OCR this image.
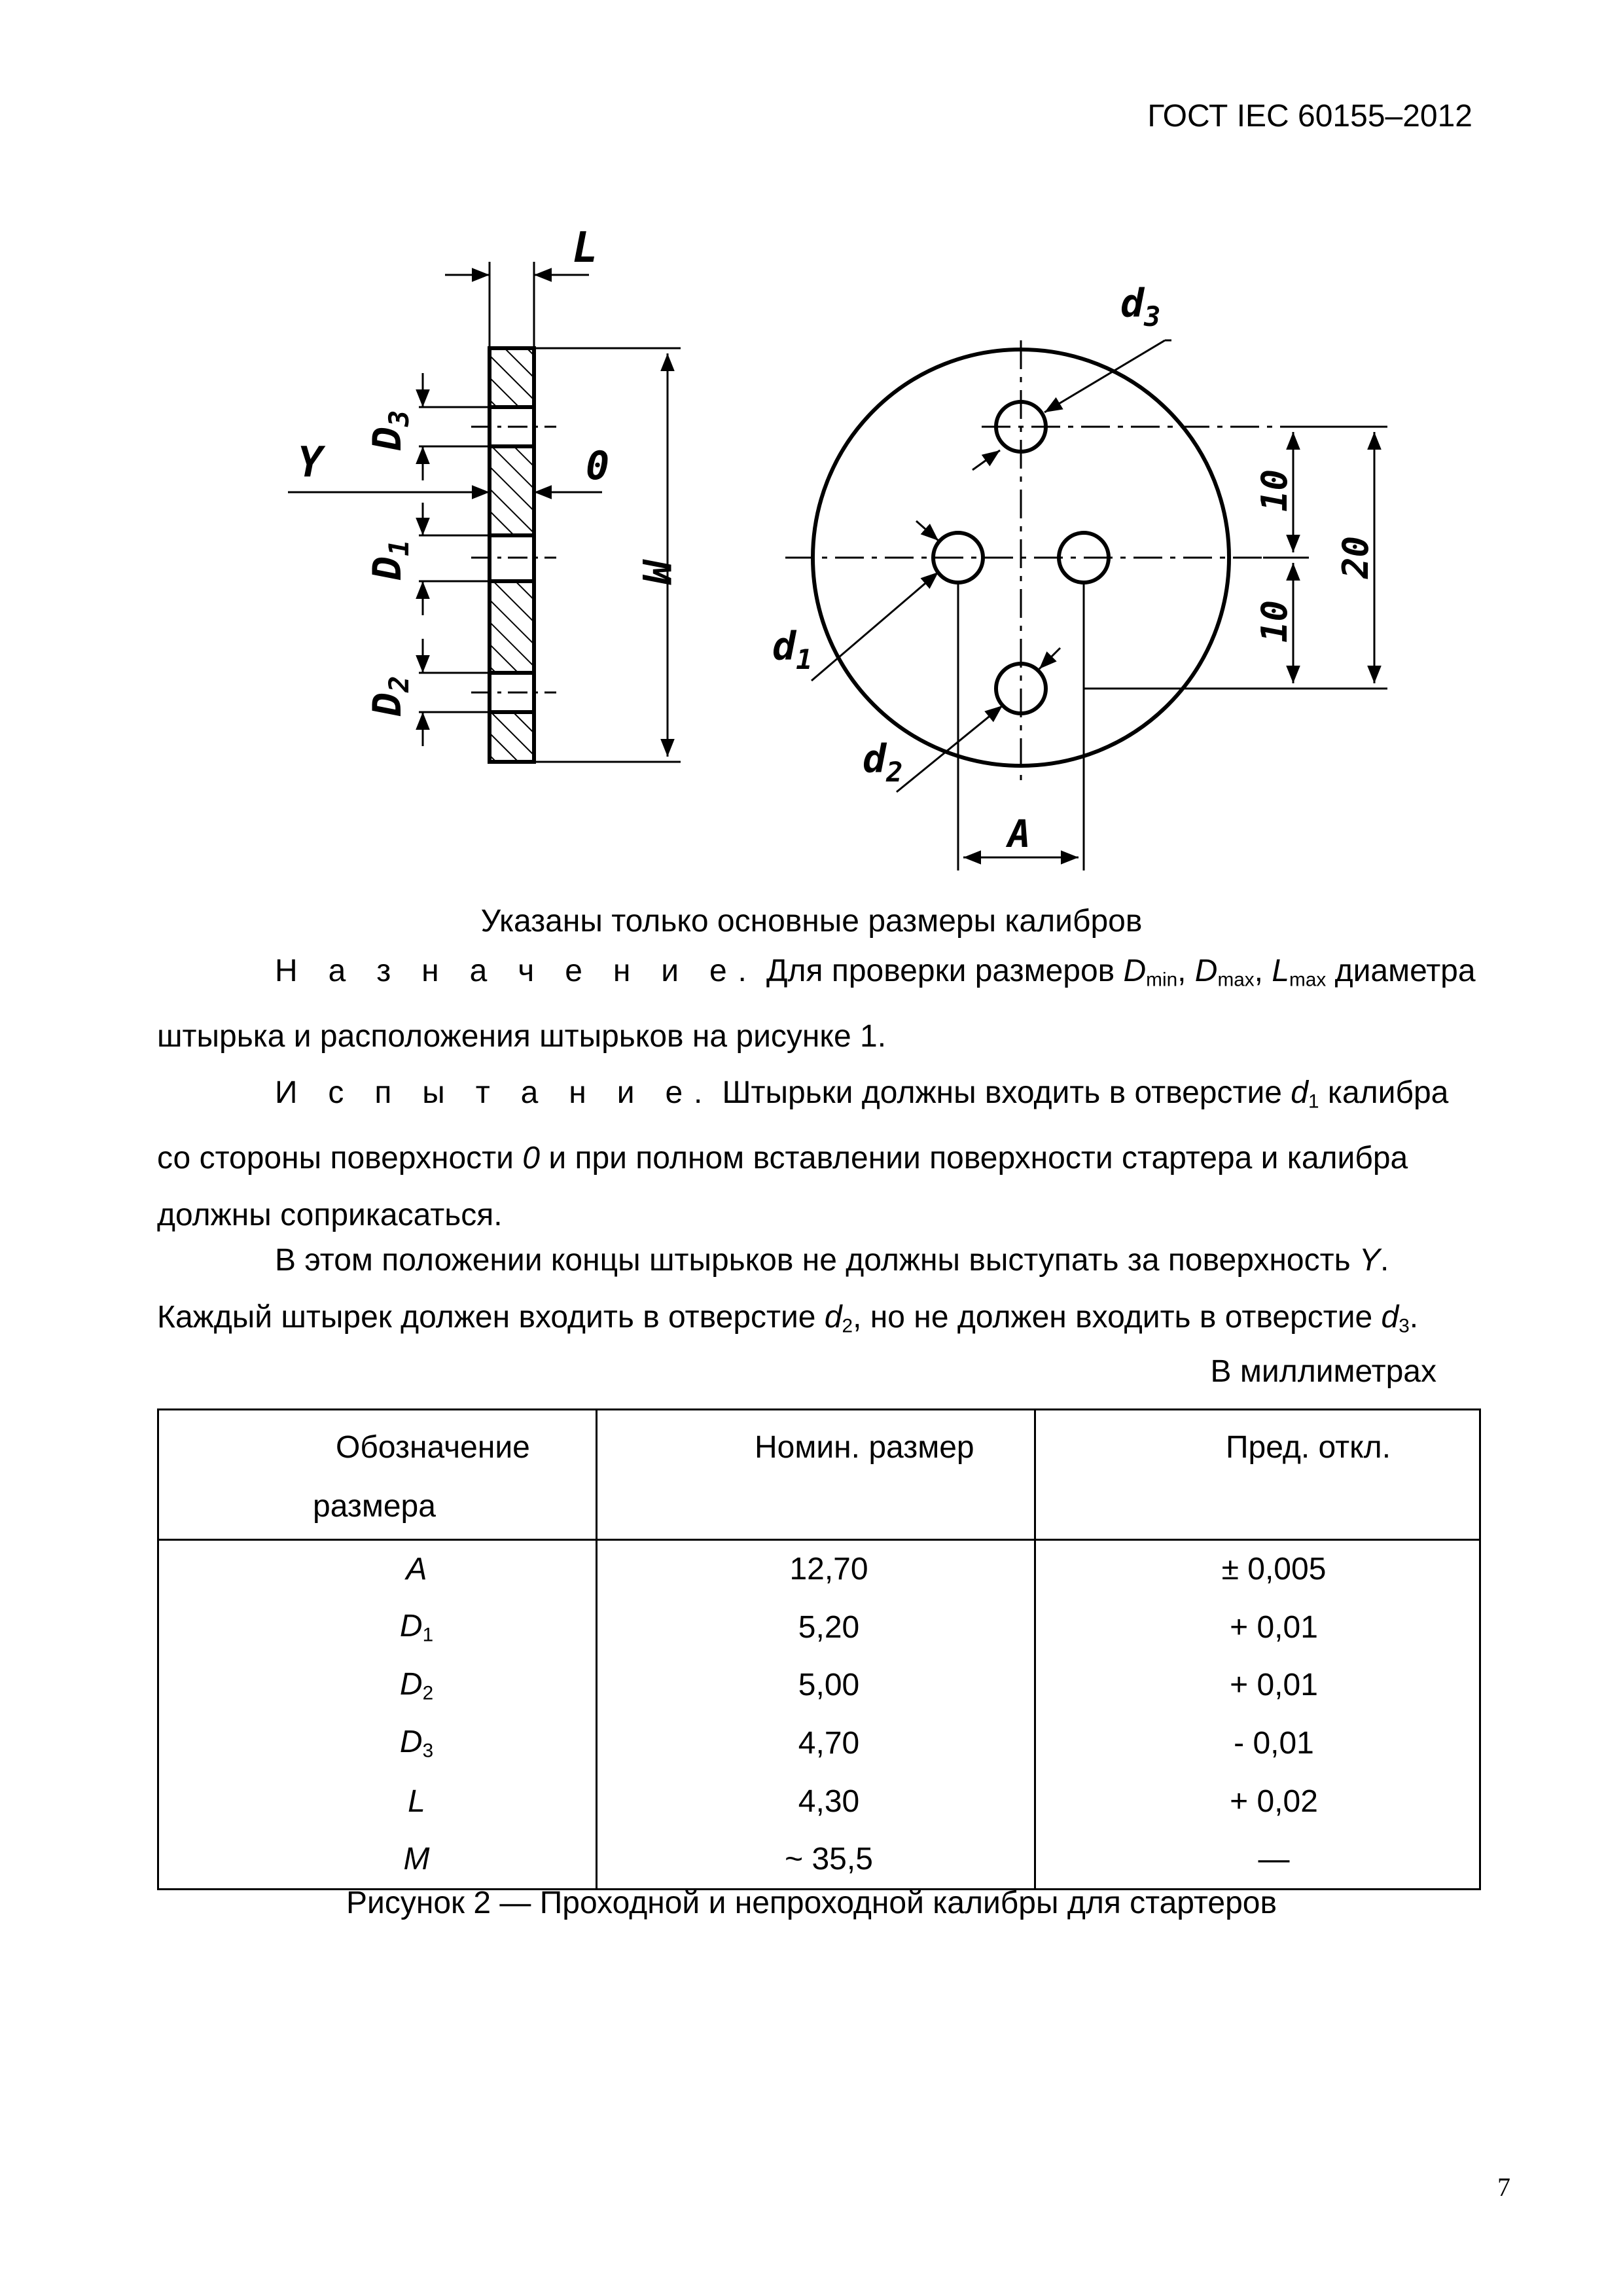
ГОСТ IEC 60155–2012
L
Y	0
M
$D_3$
$D_1$
$D_2$
$d_3$
$d_1$
$d_2$
A
10
10
20
Указаны только основные размеры калибров
Н а з н а ч е н и е. Для проверки размеров $D_{min}$, $D_{max}$, $L_{max}$ диаметра штырька и расположения штырьков на рисунке 1.
И с п ы т а н и е. Штырьки должны входить в отверстие $d_1$ калибра со стороны поверхности 0 и при полном вставлении поверхности стартера и калибра должны соприкасаться.
В этом положении концы штырьков не должны выступать за поверхность Y. Каждый штырек должен входить в отверстие $d_2$, но не должен входить в отверстие $d_3$.
В миллиметрах
Обозначение
размера	Номин. размер	Пред. откл.

А	12,70	± 0,005
$D_1$	5,20	+ 0,01
$D_2$	5,00	+ 0,01
$D_3$	4,70	- 0,01
L	4,30	+ 0,02
M	~ 35,5	—
Рисунок 2 — Проходной и непроходной калибры для стартеров
7
